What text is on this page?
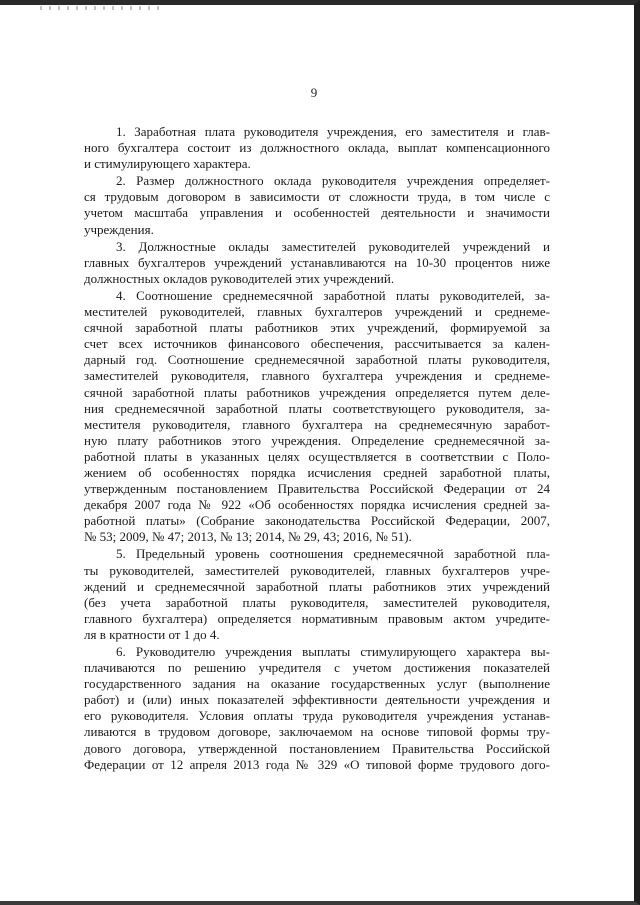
9
1. Заработная плата руководителя учреждения, его заместителя и глав-
ного бухгалтера состоит из должностного оклада, выплат компенсационного
и стимулирующего характера.
2. Размер должностного оклада руководителя учреждения определяет-
ся трудовым договором в зависимости от сложности труда, в том числе с
учетом масштаба управления и особенностей деятельности и значимости
учреждения.
3. Должностные оклады заместителей руководителей учреждений и
главных бухгалтеров учреждений устанавливаются на 10-30 процентов ниже
должностных окладов руководителей этих учреждений.
4. Соотношение среднемесячной заработной платы руководителей, за-
местителей руководителей, главных бухгалтеров учреждений и среднеме-
сячной заработной платы работников этих учреждений, формируемой за
счет всех источников финансового обеспечения, рассчитывается за кален-
дарный год. Соотношение среднемесячной заработной платы руководителя,
заместителей руководителя, главного бухгалтера учреждения и среднеме-
сячной заработной платы работников учреждения определяется путем деле-
ния среднемесячной заработной платы соответствующего руководителя, за-
местителя руководителя, главного бухгалтера на среднемесячную заработ-
ную плату работников этого учреждения. Определение среднемесячной за-
работной платы в указанных целях осуществляется в соответствии с Поло-
жением об особенностях порядка исчисления средней заработной платы,
утвержденным постановлением Правительства Российской Федерации от 24
декабря 2007 года № 922 «Об особенностях порядка исчисления средней за-
работной платы» (Собрание законодательства Российской Федерации, 2007,
№ 53; 2009, № 47; 2013, № 13; 2014, № 29, 43; 2016, № 51).
5. Предельный уровень соотношения среднемесячной заработной пла-
ты руководителей, заместителей руководителей, главных бухгалтеров учре-
ждений и среднемесячной заработной платы работников этих учреждений
(без учета заработной платы руководителя, заместителей руководителя,
главного бухгалтера) определяется нормативным правовым актом учредите-
ля в кратности от 1 до 4.
6. Руководителю учреждения выплаты стимулирующего характера вы-
плачиваются по решению учредителя с учетом достижения показателей
государственного задания на оказание государственных услуг (выполнение
работ) и (или) иных показателей эффективности деятельности учреждения и
его руководителя. Условия оплаты труда руководителя учреждения устанав-
ливаются в трудовом договоре, заключаемом на основе типовой формы тру-
дового договора, утвержденной постановлением Правительства Российской
Федерации от 12 апреля 2013 года № 329 «О типовой форме трудового дого-
